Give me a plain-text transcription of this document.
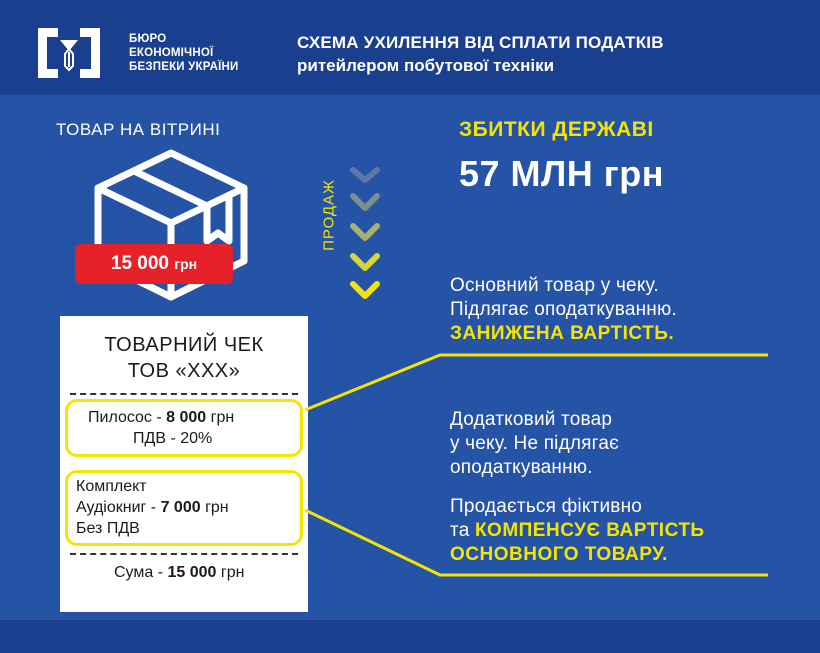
БЮРО
ЕКОНОМІЧНОЇ
БЕЗПЕКИ УКРАЇНИ
СХЕМА УХИЛЕННЯ ВІД СПЛАТИ ПОДАТКІВ
ритейлером побутової техніки
ТОВАР НА ВІТРИНІ
15 000 грн
ПРОДАЖ
ЗБИТКИ ДЕРЖАВІ
57 МЛН грн
ТОВАРНИЙ ЧЕК
ТОВ «ХХХ»
Пилосос - 8 000 грн
ПДВ - 20%
Комплект
Аудіокниг - 7 000 грн
Без ПДВ
Сума - 15 000 грн
Основний товар у чеку.
Підлягає оподаткуванню.
ЗАНИЖЕНА ВАРТІСТЬ.
Додатковий товар
у чеку. Не підлягає
оподаткуванню.
Продається фіктивно
та КОМПЕНСУЄ ВАРТІСТЬ
ОСНОВНОГО ТОВАРУ.
